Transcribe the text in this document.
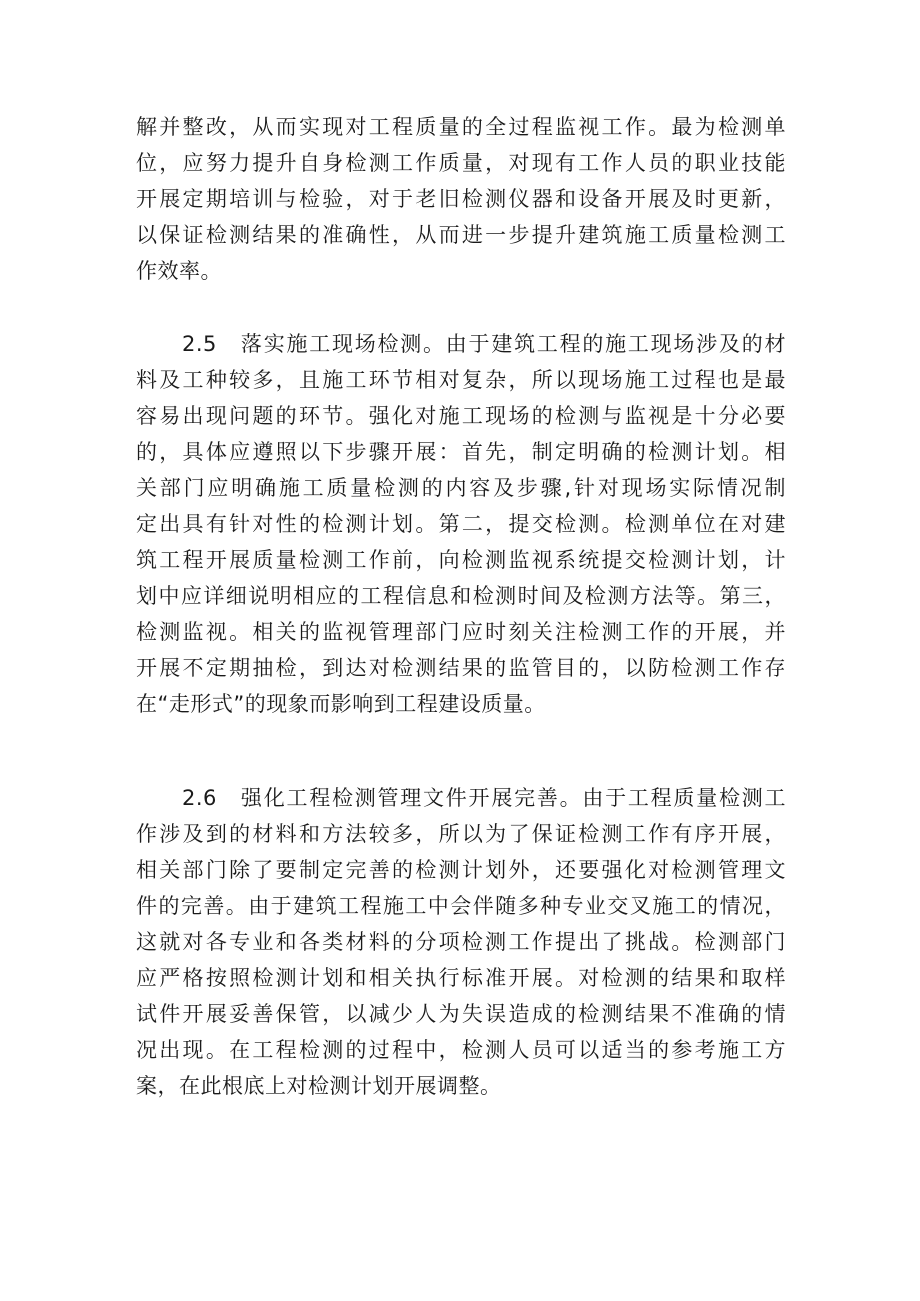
解并整改，从而实现对工程质量的全过程监视工作。最为检测单
位，应努力提升自身检测工作质量，对现有工作人员的职业技能
开展定期培训与检验，对于老旧检测仪器和设备开展及时更新，
以保证检测结果的准确性，从而进一步提升建筑施工质量检测工
作效率。
2.5　落实施工现场检测。由于建筑工程的施工现场涉及的材
料及工种较多，且施工环节相对复杂，所以现场施工过程也是最
容易出现问题的环节。强化对施工现场的检测与监视是十分必要
的，具体应遵照以下步骤开展：首先，制定明确的检测计划。相
关部门应明确施工质量检测的内容及步骤,针对现场实际情况制
定出具有针对性的检测计划。第二，提交检测。检测单位在对建
筑工程开展质量检测工作前，向检测监视系统提交检测计划，计
划中应详细说明相应的工程信息和检测时间及检测方法等。第三，
检测监视。相关的监视管理部门应时刻关注检测工作的开展，并
开展不定期抽检，到达对检测结果的监管目的，以防检测工作存
在“走形式”的现象而影响到工程建设质量。
2.6　强化工程检测管理文件开展完善。由于工程质量检测工
作涉及到的材料和方法较多，所以为了保证检测工作有序开展，
相关部门除了要制定完善的检测计划外，还要强化对检测管理文
件的完善。由于建筑工程施工中会伴随多种专业交叉施工的情况，
这就对各专业和各类材料的分项检测工作提出了挑战。检测部门
应严格按照检测计划和相关执行标准开展。对检测的结果和取样
试件开展妥善保管，以减少人为失误造成的检测结果不准确的情
况出现。在工程检测的过程中，检测人员可以适当的参考施工方
案，在此根底上对检测计划开展调整。
